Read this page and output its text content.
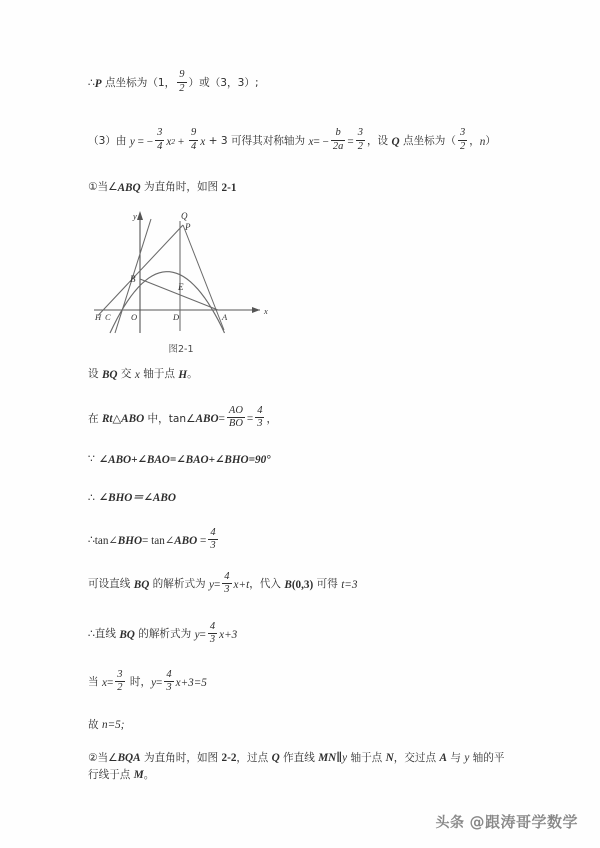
∴ P 点坐标为（1， $\frac{9}{2}$ ）或（3，3）;
（3）由 y = − $\frac{3}{4}$ x $2 + \frac{9}{4}$ x + 3 可得其对称轴为 x = − $\frac{b}{2a} = \frac{3}{2}$ ，设 Q 点坐标为（ $\frac{3}{2}$ ， n ）
① 当∠ ABQ 为直角时，如图 2-1
y
x
Q
P
B
E
H C O	D	A
图2-1
设 BQ 交 x 轴于点 H 。
在 Rt△ABO 中，tan∠ ABO = $\frac{AO}{BO} = \frac{4}{3}$ ，
∵ ∠ABO+∠BAO=∠BAO+∠BHO=90°
∴ ∠BHO＝∠ABO
∴ tan∠ BHO = tan∠ ABO = $\frac{4}{3}$
可设直线 BQ 的解析式为 $y = \frac{4}{3}$ x +t ，代入 B (0,3) 可得 t =3
∴ 直线 BQ 的解析式为 $y = \frac{4}{3}$ x +3
当 $x = \frac{3}{2}$ 时， $y = \frac{4}{3}$ x +3=5
故 n =5;
②当∠BQA 为直角时，如图 2-2，过点 Q 作直线 MN∥y 轴于点 N，交过点 A 与 y 轴的平行线于点 M。
头条 @跟涛哥学数学
